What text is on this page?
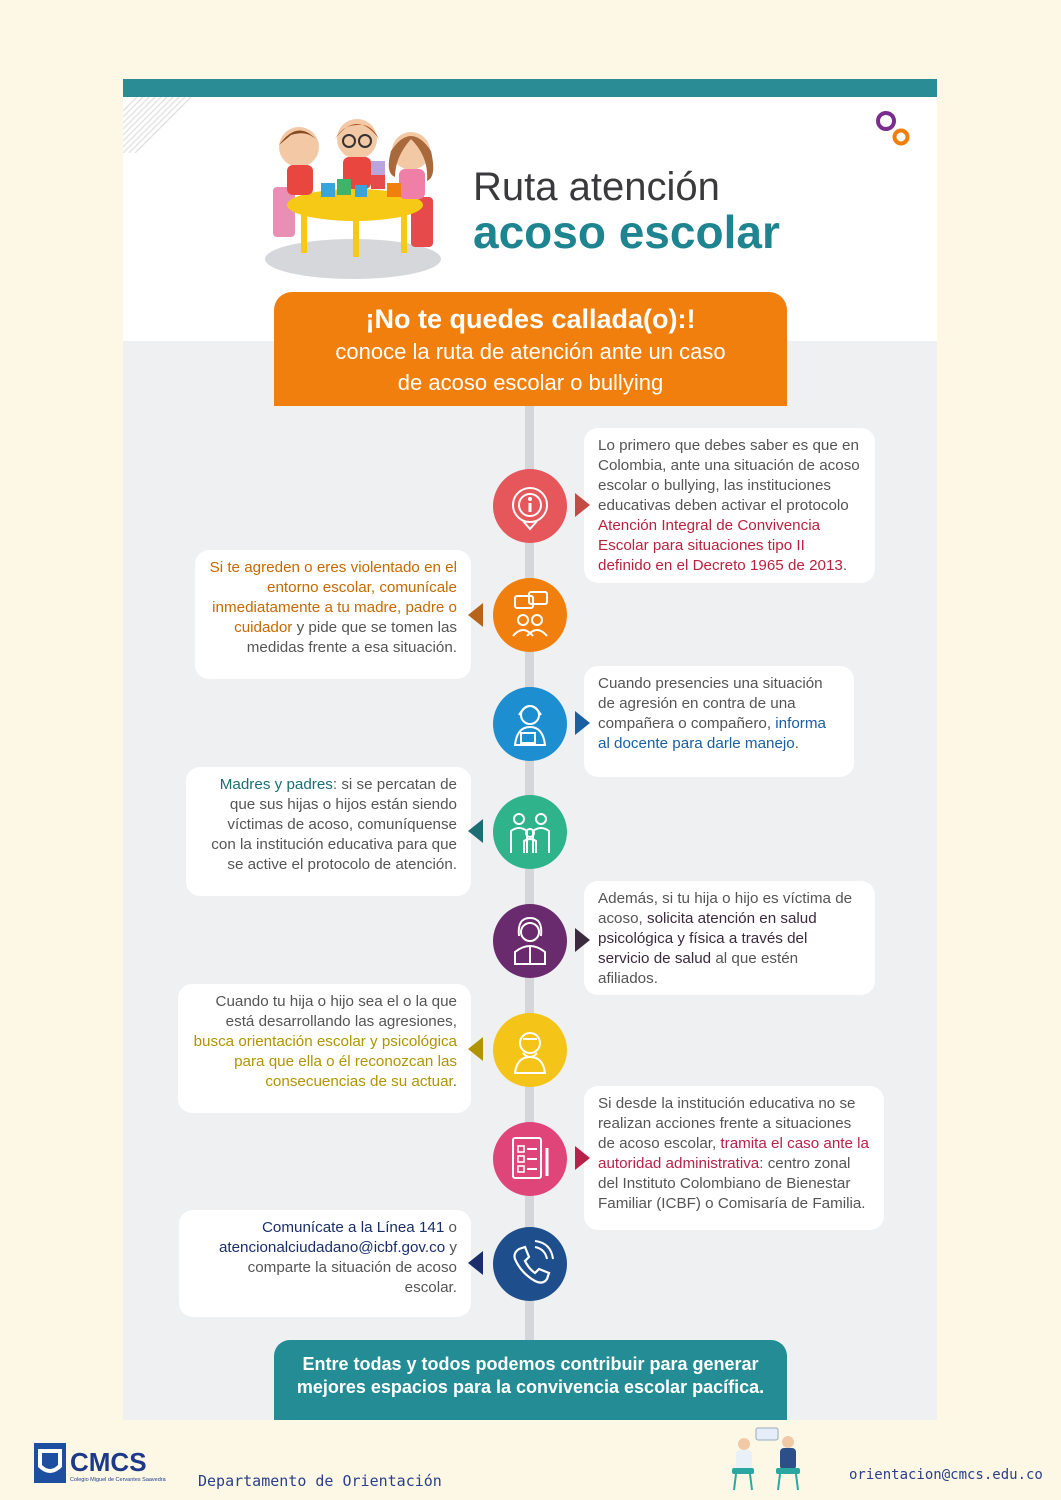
Ruta atención
acoso escolar
¡No te quedes callada(o):!
conoce la ruta de atención ante un caso
de acoso escolar o bullying
Lo primero que debes saber es que en Colombia, ante una situación de acoso escolar o bullying, las instituciones educativas deben activar el protocolo Atención Integral de Convivencia Escolar para situaciones tipo II definido en el Decreto 1965 de 2013.
Si te agreden o eres violentado en el entorno escolar, comunícale inmediatamente a tu madre, padre o cuidador y pide que se tomen las medidas frente a esa situación.
Cuando presencies una situación de agresión en contra de una compañera o compañero, informa al docente para darle manejo.
Madres y padres: si se percatan de que sus hijas o hijos están siendo víctimas de acoso, comuníquense con la institución educativa para que se active el protocolo de atención.
Además, si tu hija o hijo es víctima de acoso, solicita atención en salud psicológica y física a través del servicio de salud al que estén afiliados.
Cuando tu hija o hijo sea el o la que está desarrollando las agresiones, busca orientación escolar y psicológica para que ella o él reconozcan las consecuencias de su actuar.
Si desde la institución educativa no se realizan acciones frente a situaciones de acoso escolar, tramita el caso ante la autoridad administrativa: centro zonal del Instituto Colombiano de Bienestar Familiar (ICBF) o Comisaría de Familia.
Comunícate a la Línea 141 o atencionalciudadano@icbf.gov.co y comparte la situación de acoso escolar.
Entre todas y todos podemos contribuir para generar
mejores espacios para la convivencia escolar pacífica.
CMCS
Colegio Miguel de Cervantes Saavedra Departamento de Orientación	orientacion@cmcs.edu.co
